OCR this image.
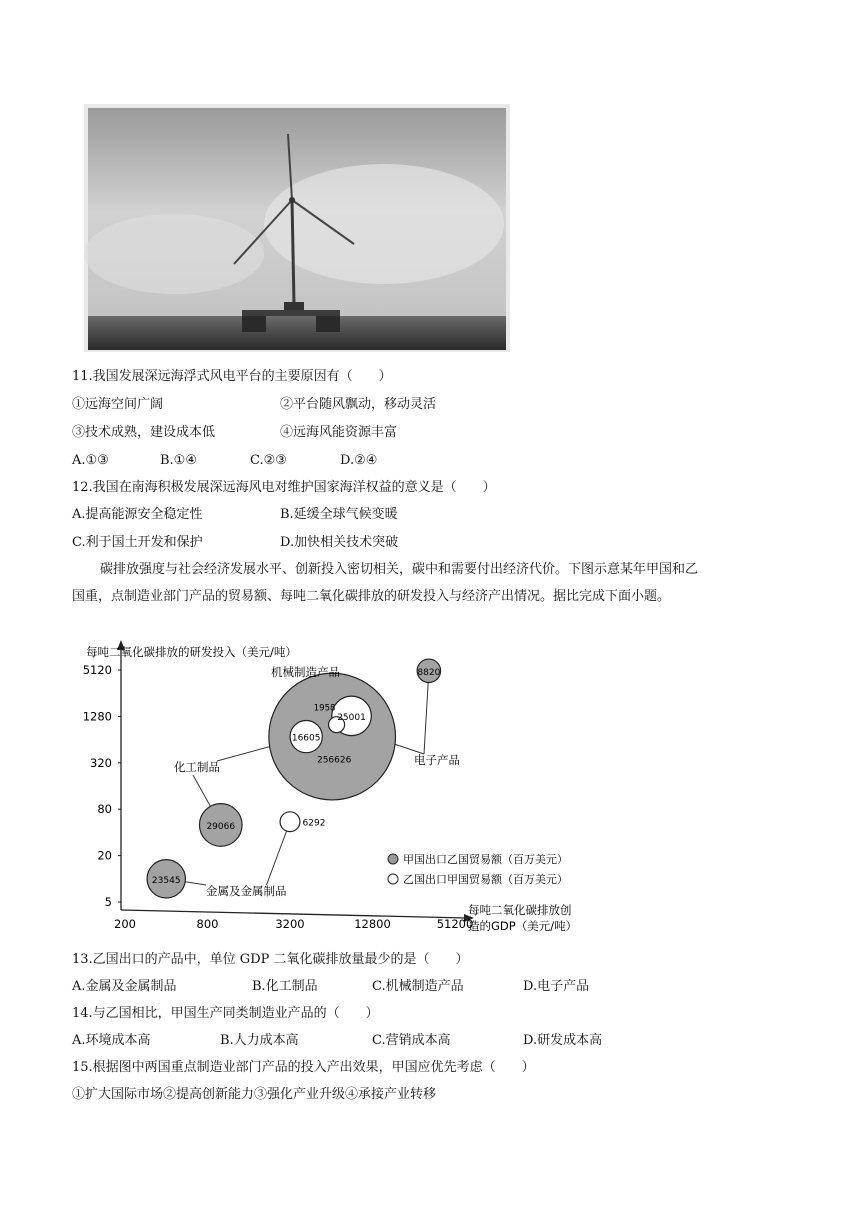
11.我国发展深远海浮式风电平台的主要原因有（　　）
①远海空间广阔	②平台随风飘动，移动灵活
③技术成熟，建设成本低	④远海风能资源丰富
A.①③	B.①④	C.②③	D.②④
12.我国在南海积极发展深远海风电对维护国家海洋权益的意义是（　　）
A.提高能源安全稳定性	B.延缓全球气候变暖
C.利于国土开发和保护	D.加快相关技术突破
碳排放强度与社会经济发展水平、创新投入密切相关，碳中和需要付出经济代价。下图示意某年甲国和乙
国重，点制造业部门产品的贸易额、每吨二氧化碳排放的研发投入与经济产出情况。据比完成下面小题。
每吨二氧化碳排放的研发投入（美元/吨）
每吨二氧化碳排放创
造的GDP（美元/吨）
200	800	3200	12800	51200
5
20
80
320
1280
5120
256626
29066
25001
23545
16605
8820
6292
1958
机械制造产品
化工制品	电子产品
金属及金属制品
甲国出口乙国贸易额（百万美元）
乙国出口甲国贸易额（百万美元）
13.乙国出口的产品中，单位 GDP 二氧化碳排放量最少的是（　　）
A.金属及金属制品	B.化工制品	C.机械制造产品	D.电子产品
14.与乙国相比，甲国生产同类制造业产品的（　　）
A.环境成本高	B.人力成本高	C.营销成本高	D.研发成本高
15.根据图中两国重点制造业部门产品的投入产出效果，甲国应优先考虑（　　）
①扩大国际市场②提高创新能力③强化产业升级④承接产业转移
